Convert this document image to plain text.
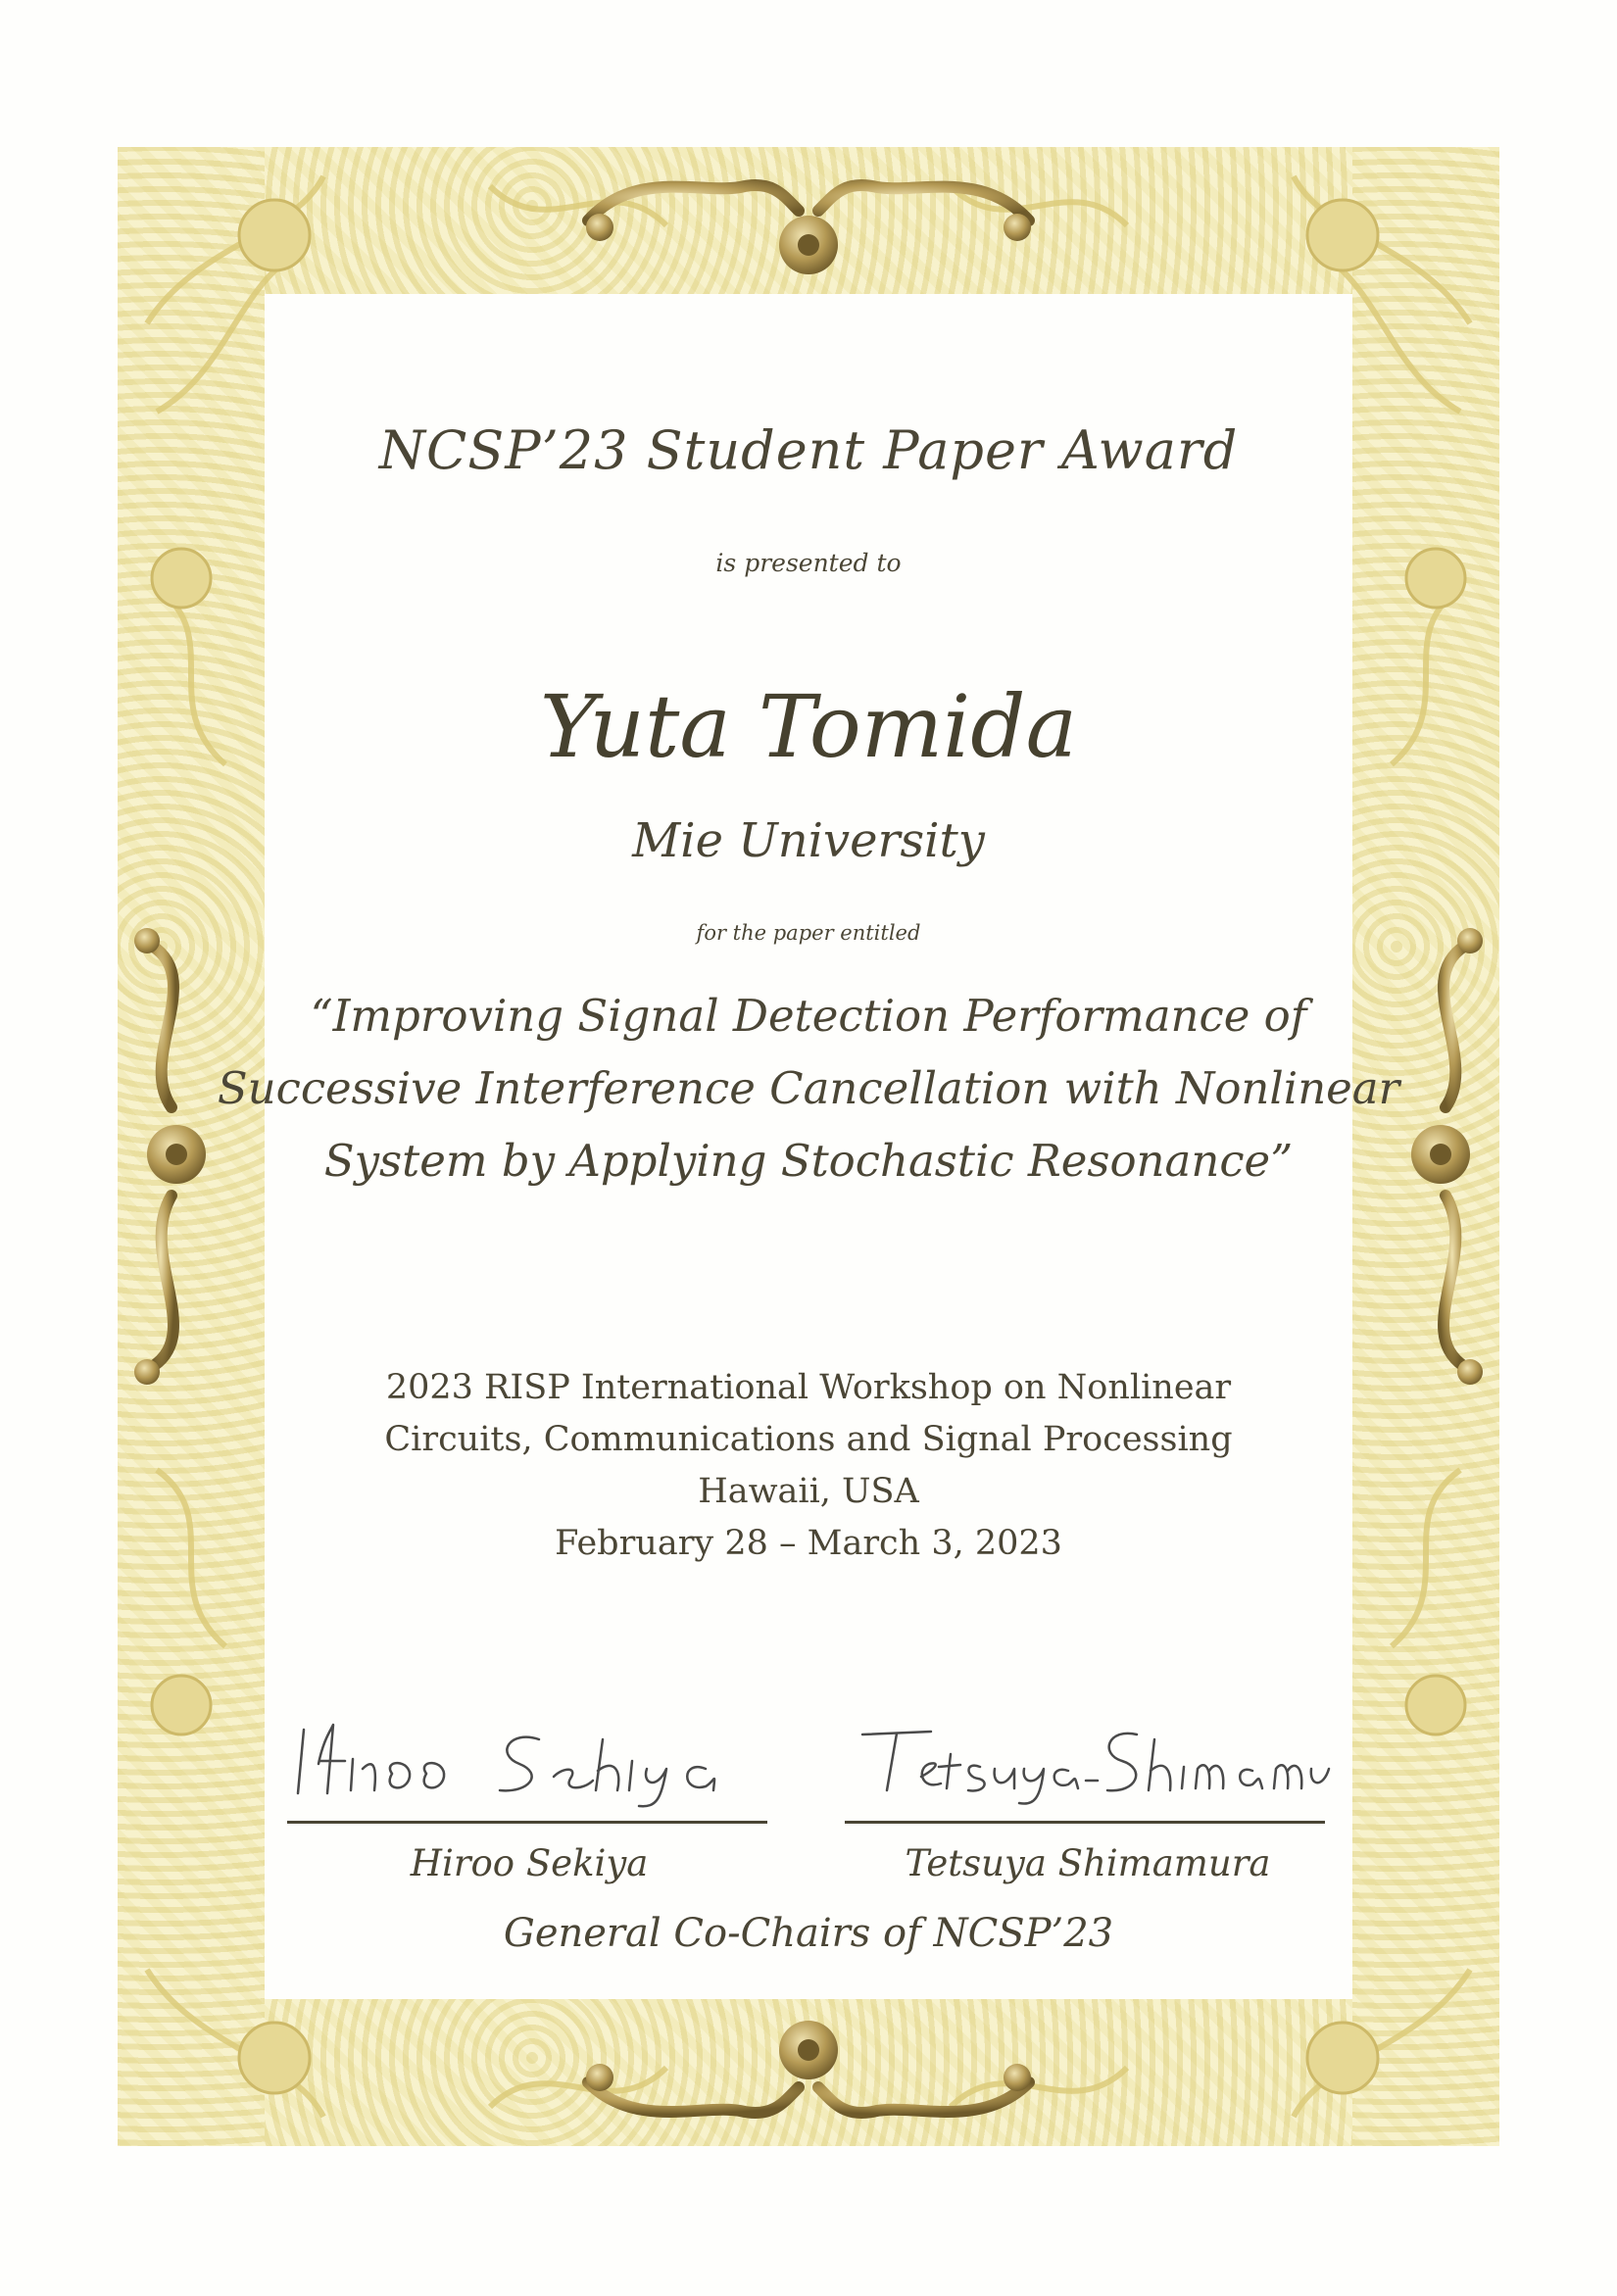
NCSP’23 Student Paper Award
is presented to
Yuta Tomida
Mie University
for the paper entitled
“Improving Signal Detection Performance of
Successive Interference Cancellation with Nonlinear
System by Applying Stochastic Resonance”
2023 RISP International Workshop on Nonlinear
Circuits, Communications and Signal Processing
Hawaii, USA
February 28 – March 3, 2023
Hiroo Sekiya	Tetsuya Shimamura
General Co-Chairs of NCSP’23
